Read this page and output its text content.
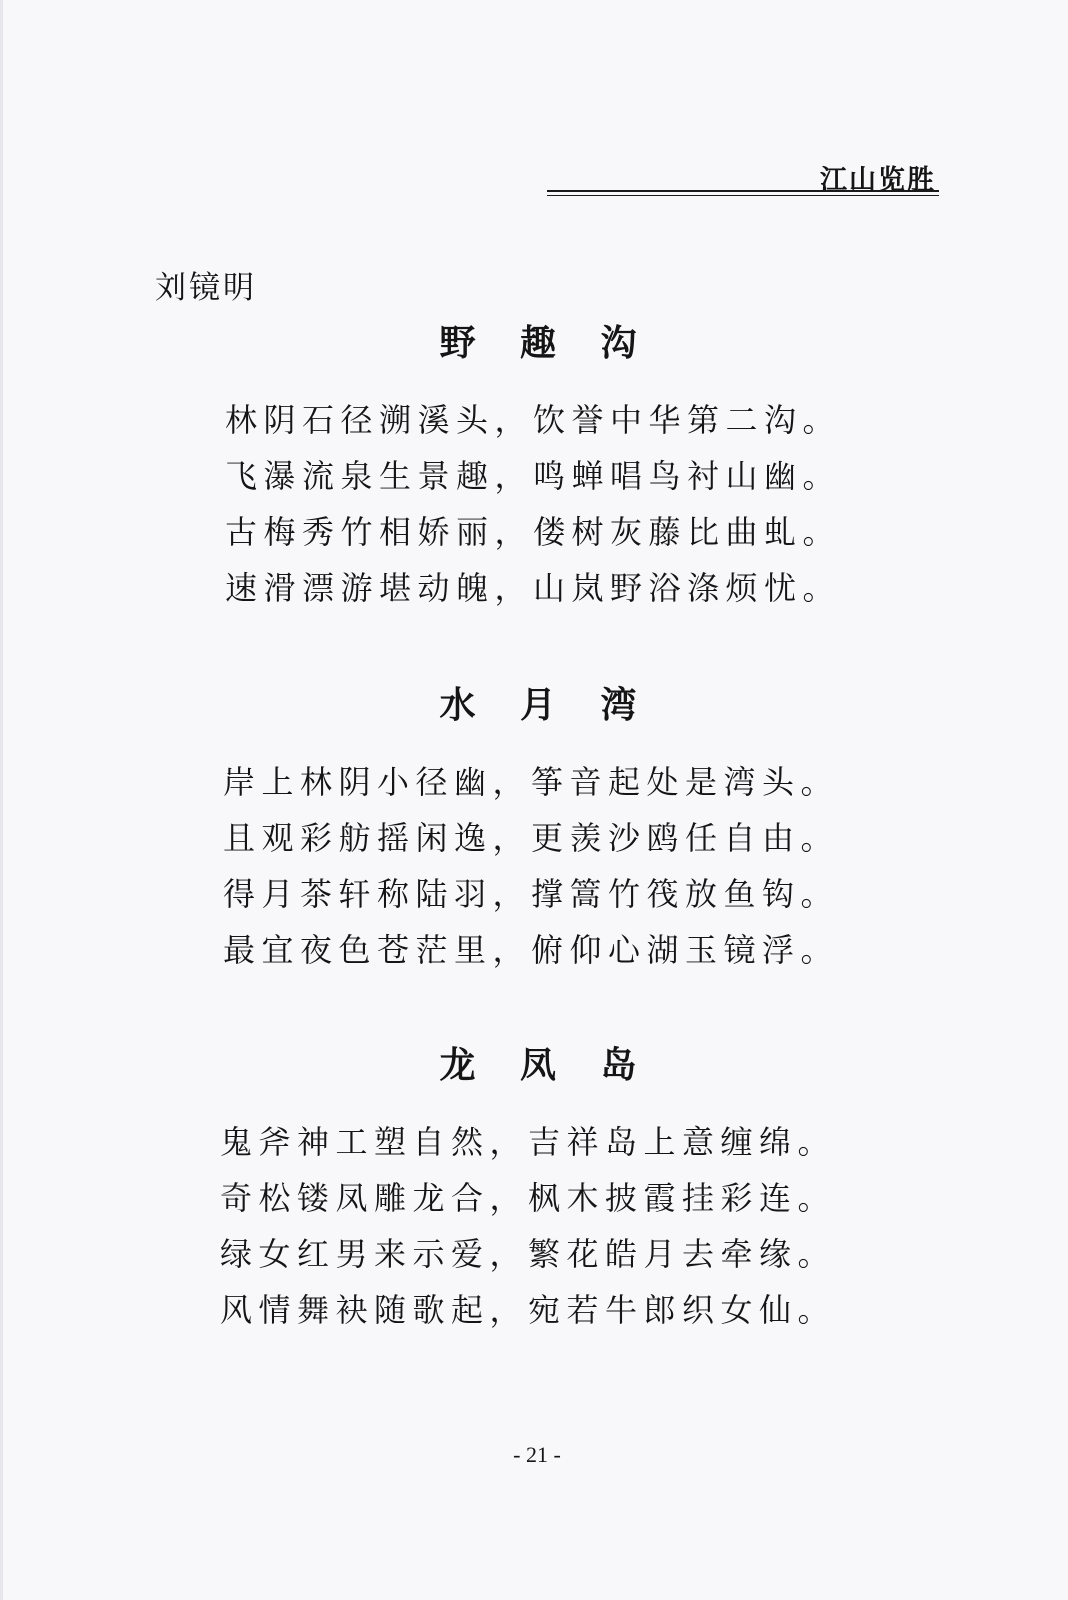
江山览胜
刘镜明
野 趣 沟
林阴石径溯溪头，饮誉中华第二沟。
飞瀑流泉生景趣，鸣蝉唱鸟衬山幽。
古梅秀竹相娇丽，偻树灰藤比曲虬。
速滑漂游堪动魄，山岚野浴涤烦忧。
水 月 湾
岸上林阴小径幽，筝音起处是湾头。
且观彩舫摇闲逸，更羡沙鸥任自由。
得月茶轩称陆羽，撑篙竹筏放鱼钩。
最宜夜色苍茫里，俯仰心湖玉镜浮。
龙 凤 岛
鬼斧神工塑自然，吉祥岛上意缠绵。
奇松镂凤雕龙合，枫木披霞挂彩连。
绿女红男来示爱，繁花皓月去牵缘。
风情舞袂随歌起，宛若牛郎织女仙。
- 21 -
